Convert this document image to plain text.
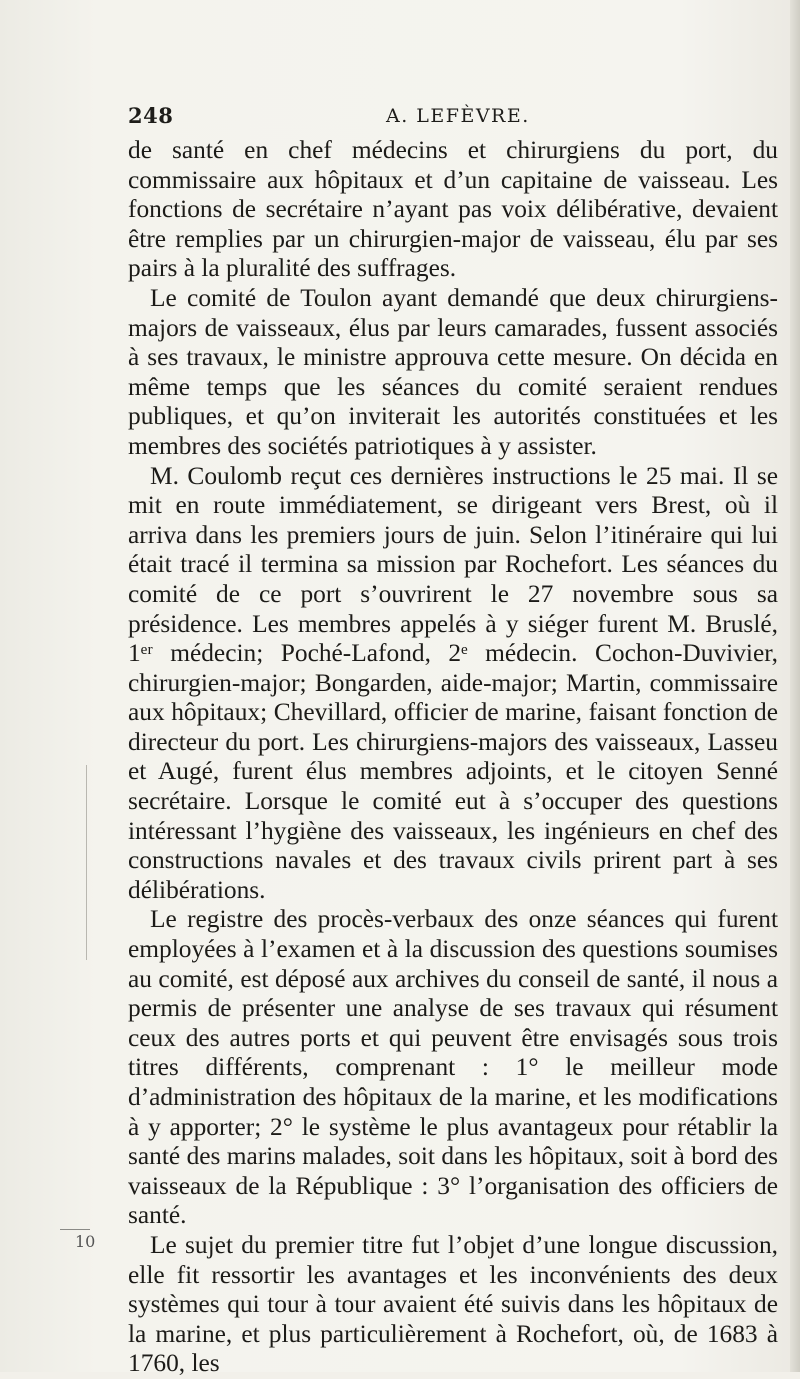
248	A. LEFÈVRE.

de santé en chef médecins et chirurgiens du port, du commissaire aux hôpitaux et d’un capitaine de vaisseau. Les fonctions de secrétaire n’ayant pas voix délibérative, devaient être remplies par un chirurgien-major de vaisseau, élu par ses pairs à la pluralité des suffrages.

Le comité de Toulon ayant demandé que deux chirurgiens-majors de vaisseaux, élus par leurs camarades, fussent associés à ses travaux, le ministre approuva cette mesure. On décida en même temps que les séances du comité seraient rendues publiques, et qu’on inviterait les autorités constituées et les membres des sociétés patriotiques à y assister.

M. Coulomb reçut ces dernières instructions le 25 mai. Il se mit en route immédiatement, se dirigeant vers Brest, où il arriva dans les premiers jours de juin. Selon l’itinéraire qui lui était tracé il termina sa mission par Rochefort. Les séances du comité de ce port s’ouvrirent le 27 novembre sous sa présidence. Les membres appelés à y siéger furent M. Bruslé, 1ᵉʳ médecin; Poché-Lafond, 2ᵉ médecin. Cochon-Duvivier, chirurgien-major; Bongarden, aide-major; Martin, commissaire aux hôpitaux; Chevillard, officier de marine, faisant fonction de directeur du port. Les chirurgiens-majors des vaisseaux, Lasseu et Augé, furent élus membres adjoints, et le citoyen Senné secrétaire. Lorsque le comité eut à s’occuper des questions intéressant l’hygiène des vaisseaux, les ingénieurs en chef des constructions navales et des travaux civils prirent part à ses délibérations.

Le registre des procès-verbaux des onze séances qui furent employées à l’examen et à la discussion des questions soumises au comité, est déposé aux archives du conseil de santé, il nous a permis de présenter une analyse de ses travaux qui résument ceux des autres ports et qui peuvent être envisagés sous trois titres différents, comprenant : 1° le meilleur mode d’administration des hôpitaux de la marine, et les modifications à y apporter; 2° le système le plus avantageux pour rétablir la santé des marins malades, soit dans les hôpitaux, soit à bord des vaisseaux de la République : 3° l’organisation des officiers de santé.

Le sujet du premier titre fut l’objet d’une longue discussion, elle fit ressortir les avantages et les inconvénients des deux systèmes qui tour à tour avaient été suivis dans les hôpitaux de la marine, et plus particulièrement à Rochefort, où, de 1683 à 1760, les

10
